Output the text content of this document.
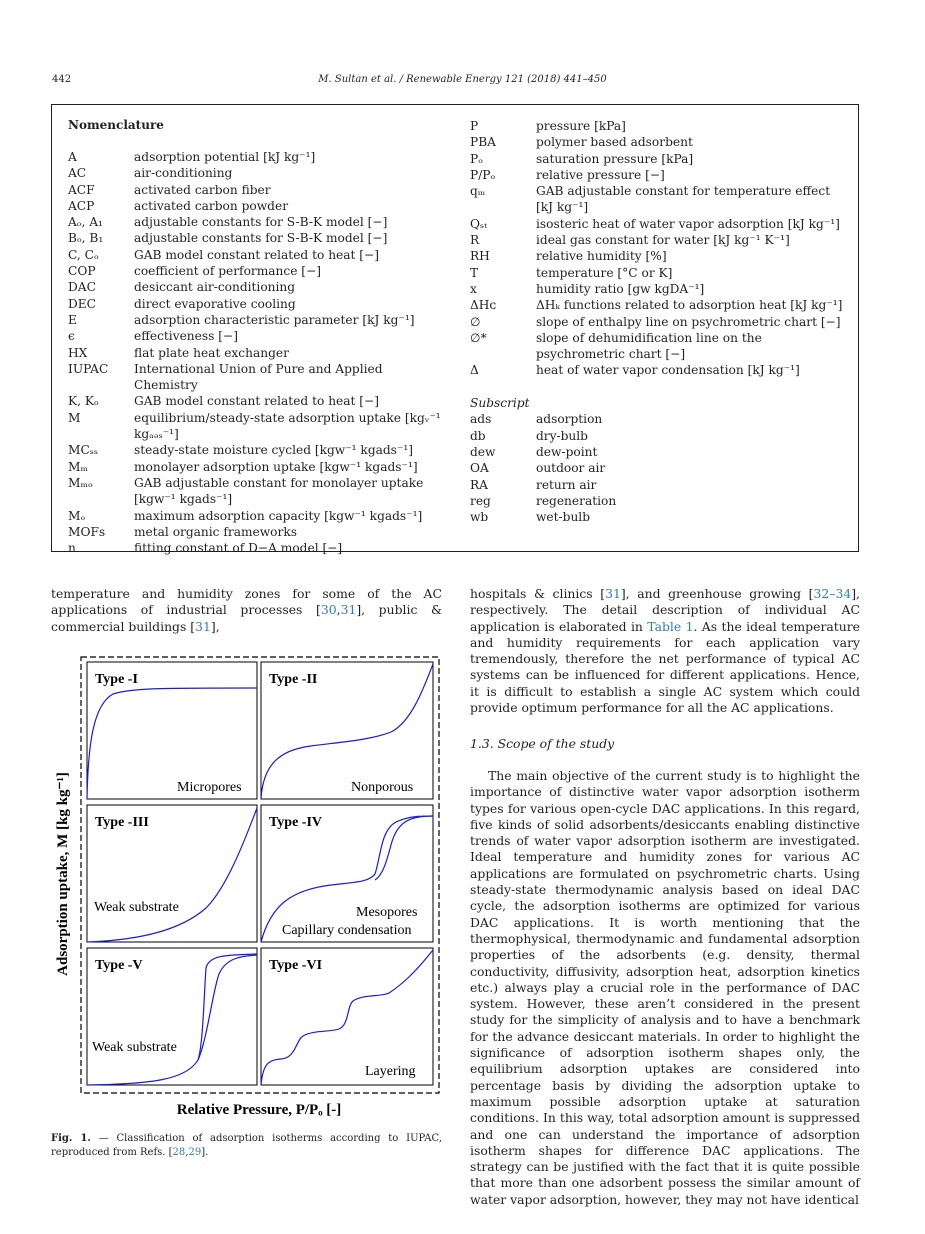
442	M. Sultan et al. / Renewable Energy 121 (2018) 441–450
Nomenclature
A	adsorption potential [kJ kg⁻¹]
AC	air-conditioning
ACF	activated carbon fiber
ACP	activated carbon powder
Aₒ, A₁	adjustable constants for S-B-K model [−]
Bₒ, B₁	adjustable constants for S-B-K model [−]
C, Cₒ	GAB model constant related to heat [−]
COP	coefficient of performance [−]
DAC	desiccant air-conditioning
DEC	direct evaporative cooling
E	adsorption characteristic parameter [kJ kg⁻¹]
ϵ	effectiveness [−]
HX	flat plate heat exchanger
IUPAC	International Union of Pure and Applied Chemistry
K, Kₒ	GAB model constant related to heat [−]
M	equilibrium/steady-state adsorption uptake [kgᵥ⁻¹ kgₐₔₛ⁻¹]
MCₛₛ	steady-state moisture cycled [kgw⁻¹ kgads⁻¹]
Mₘ	monolayer adsorption uptake [kgw⁻¹ kgads⁻¹]
Mₘₒ	GAB adjustable constant for monolayer uptake [kgw⁻¹ kgads⁻¹]
Mₒ	maximum adsorption capacity [kgw⁻¹ kgads⁻¹]
MOFs	metal organic frameworks
n	fitting constant of D−A model [−]
P	pressure [kPa]
PBA	polymer based adsorbent
Pₒ	saturation pressure [kPa]
P/Pₒ	relative pressure [−]
qₘ	GAB adjustable constant for temperature effect [kJ kg⁻¹]
Qₛₜ	isosteric heat of water vapor adsorption [kJ kg⁻¹]
R	ideal gas constant for water [kJ kg⁻¹ K⁻¹]
RH	relative humidity [%]
T	temperature [°C or K]
x	humidity ratio [gw kgDA⁻¹]
ΔHᴄ	ΔHₖ functions related to adsorption heat [kJ kg⁻¹]
∅	slope of enthalpy line on psychrometric chart [−]
∅*	slope of dehumidification line on the psychrometric chart [−]
Δ	heat of water vapor condensation [kJ kg⁻¹]
Subscript
ads	adsorption
db	dry-bulb
dew	dew-point
OA	outdoor air
RA	return air
reg	regeneration
wb	wet-bulb

temperature and humidity zones for some of the AC applications of industrial processes [30,31], public & commercial buildings [31],

Type -I	Type -II
Type -III	Type -IV
Type -V	Type -VI
Micropores	Nonporous
Weak substrate	Mesopores
Capillary condensation
Weak substrate
Layering
Adsorption uptake, M [kg kg⁻¹]
Relative Pressure, P/Pₒ [-]
Fig. 1. — Classification of adsorption isotherms according to IUPAC, reproduced from Refs. [28,29].

hospitals & clinics [31], and greenhouse growing [32–34], respectively. The detail description of individual AC application is elaborated in Table 1. As the ideal temperature and humidity requirements for each application vary tremendously, therefore the net performance of typical AC systems can be influenced for different applications. Hence, it is difficult to establish a single AC system which could provide optimum performance for all the AC applications.

1.3. Scope of the study

The main objective of the current study is to highlight the importance of distinctive water vapor adsorption isotherm types for various open-cycle DAC applications. In this regard, five kinds of solid adsorbents/desiccants enabling distinctive trends of water vapor adsorption isotherm are investigated. Ideal temperature and humidity zones for various AC applications are formulated on psychrometric charts. Using steady-state thermodynamic analysis based on ideal DAC cycle, the adsorption isotherms are optimized for various DAC applications. It is worth mentioning that the thermophysical, thermodynamic and fundamental adsorption properties of the adsorbents (e.g. density, thermal conductivity, diffusivity, adsorption heat, adsorption kinetics etc.) always play a crucial role in the performance of DAC system. However, these aren’t considered in the present study for the simplicity of analysis and to have a benchmark for the advance desiccant materials. In order to highlight the significance of adsorption isotherm shapes only, the equilibrium adsorption uptakes are considered into percentage basis by dividing the adsorption uptake to maximum possible adsorption uptake at saturation conditions. In this way, total adsorption amount is suppressed and one can understand the importance of adsorption isotherm shapes for difference DAC applications. The strategy can be justified with the fact that it is quite possible that more than one adsorbent possess the similar amount of water vapor adsorption, however, they may not have identical
